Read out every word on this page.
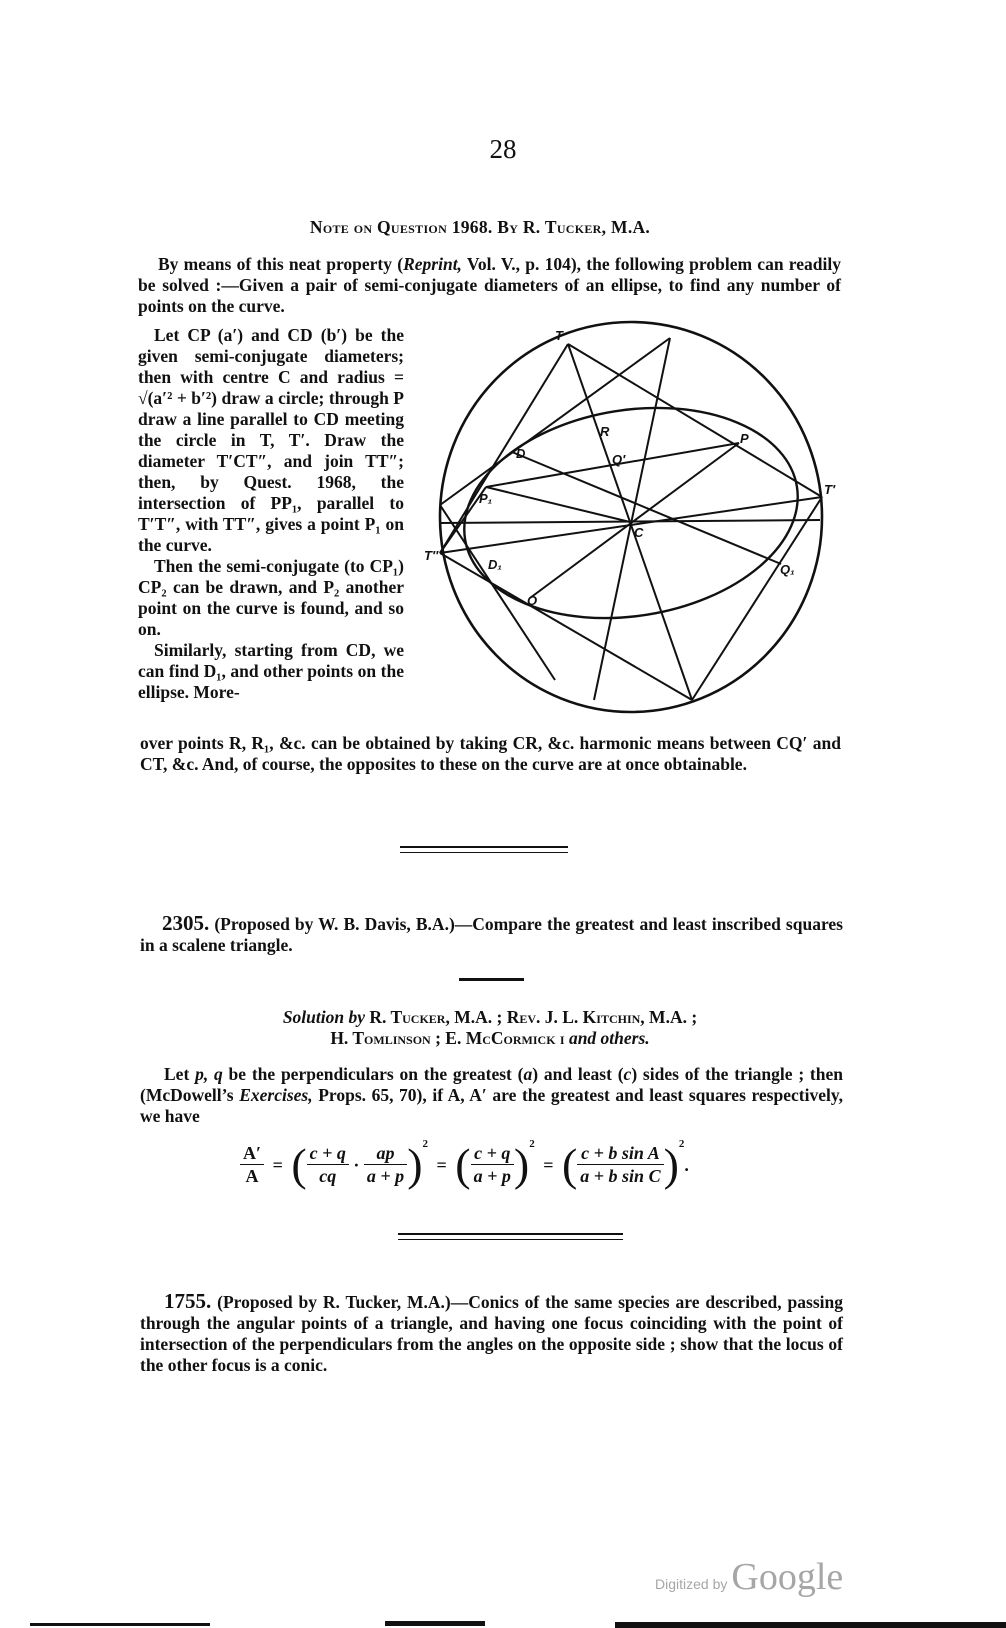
28
Note on Question 1968. By R. Tucker, M.A.
By means of this neat property (Reprint, Vol. V., p. 104), the following problem can readily be solved :—Given a pair of semi-conjugate diameters of an ellipse, to find any number of points on the curve.

Let CP (a′) and CD (b′) be the given semi-conjugate diameters; then with centre C and radius = √(a′² + b′²) draw a circle; through P draw a line parallel to CD meeting the circle in T, T′. Draw the diameter T′CT″, and join TT″; then, by Quest. 1968, the intersection of PP₁, parallel to T′T″, with TT″, gives a point P₁ on the curve.

Then the semi-conjugate (to CP₁) CP₂ can be drawn, and P₂ another point on the curve is found, and so on.

Similarly, starting from CD, we can find D₁, and other points on the ellipse. More-

T
T′
T″
P
P₁
D
D₁
C
R
Q′
Q
Q₁

over points R, R₁, &c. can be obtained by taking CR, &c. harmonic means between CQ′ and CT, &c. And, of course, the opposites to these on the curve are at once obtainable.

2305. (Proposed by W. B. Davis, B.A.)—Compare the greatest and least inscribed squares in a scalene triangle.
Solution by R. Tucker, M.A. ; Rev. J. L. Kitchin, M.A. ;
H. Tomlinson ; E. McCormick i and others.
Let p, q be the perpendiculars on the greatest (a) and least (c) sides of the triangle ; then (McDowell’s Exercises, Props. 65, 70), if A, A′ are the greatest and least squares respectively, we have
$\frac{A'}{A}$ = ( $\frac{c + q}{cq} \cdot \frac{ap}{a + p} )^2$ = ( $\frac{c + q}{a + p} )^2$ = ( $\frac{\text{c + b sin A}}{\text{a + b sin C}} )^2$.
1755. (Proposed by R. Tucker, M.A.)—Conics of the same species are described, passing through the angular points of a triangle, and having one focus coinciding with the point of intersection of the perpendiculars from the angles on the opposite side ; show that the locus of the other focus is a conic.
Digitized by Google
